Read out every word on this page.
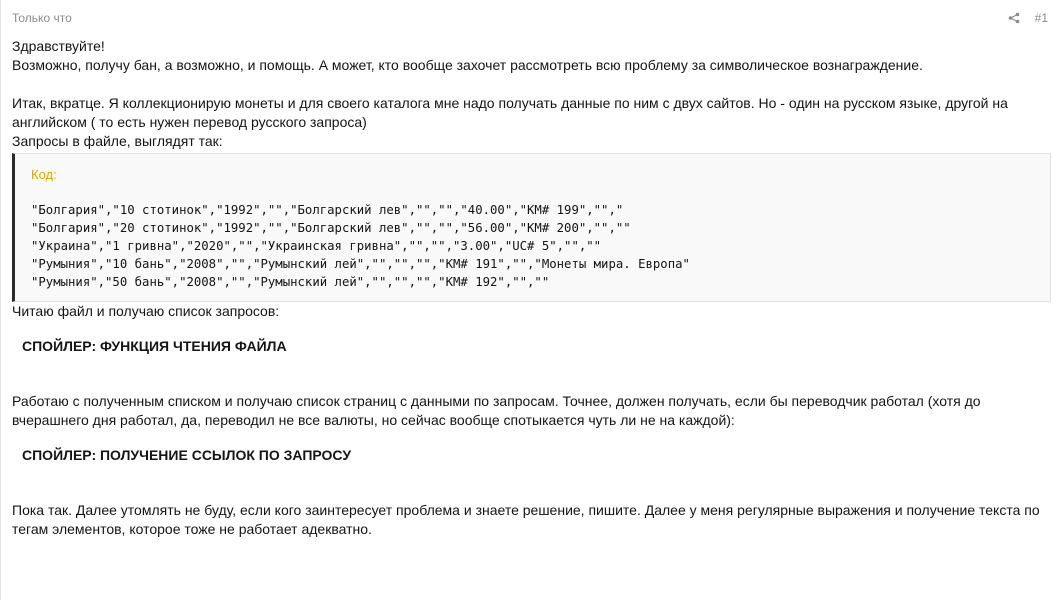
Только что	#1

Здравствуйте!

Возможно, получу бан, а возможно, и помощь. А может, кто вообще захочет рассмотреть всю проблему за символическое вознаграждение.

Итак, вкратце. Я коллекционирую монеты и для своего каталога мне надо получать данные по ним с двух сайтов. Но - один на русском языке, другой на

английском ( то есть нужен перевод русского запроса)

Запросы в файле, выглядят так:

Код:
"Болгария","10 стотинок","1992","","Болгарский лев","","","40.00","KM# 199","","
"Болгария","20 стотинок","1992","","Болгарский лев","","","56.00","KM# 200","",""
"Украина","1 гривна","2020","","Украинская гривна","","","3.00","UC# 5","",""
"Румыния","10 бань","2008","","Румынский лей","","","","KM# 191","","Монеты мира. Европа"
"Румыния","50 бань","2008","","Румынский лей","","","","KM# 192","",""

Читаю файл и получаю список запросов:

СПОЙЛЕР: ФУНКЦИЯ ЧТЕНИЯ ФАЙЛА

Работаю с полученным списком и получаю список страниц с данными по запросам. Точнее, должен получать, если бы переводчик работал (хотя до

вчерашнего дня работал, да, переводил не все валюты, но сейчас вообще спотыкается чуть ли не на каждой):

СПОЙЛЕР: ПОЛУЧЕНИЕ ССЫЛОК ПО ЗАПРОСУ

Пока так. Далее утомлять не буду, если кого заинтересует проблема и знаете решение, пишите. Далее у меня регулярные выражения и получение текста по

тегам элементов, которое тоже не работает адекватно.
